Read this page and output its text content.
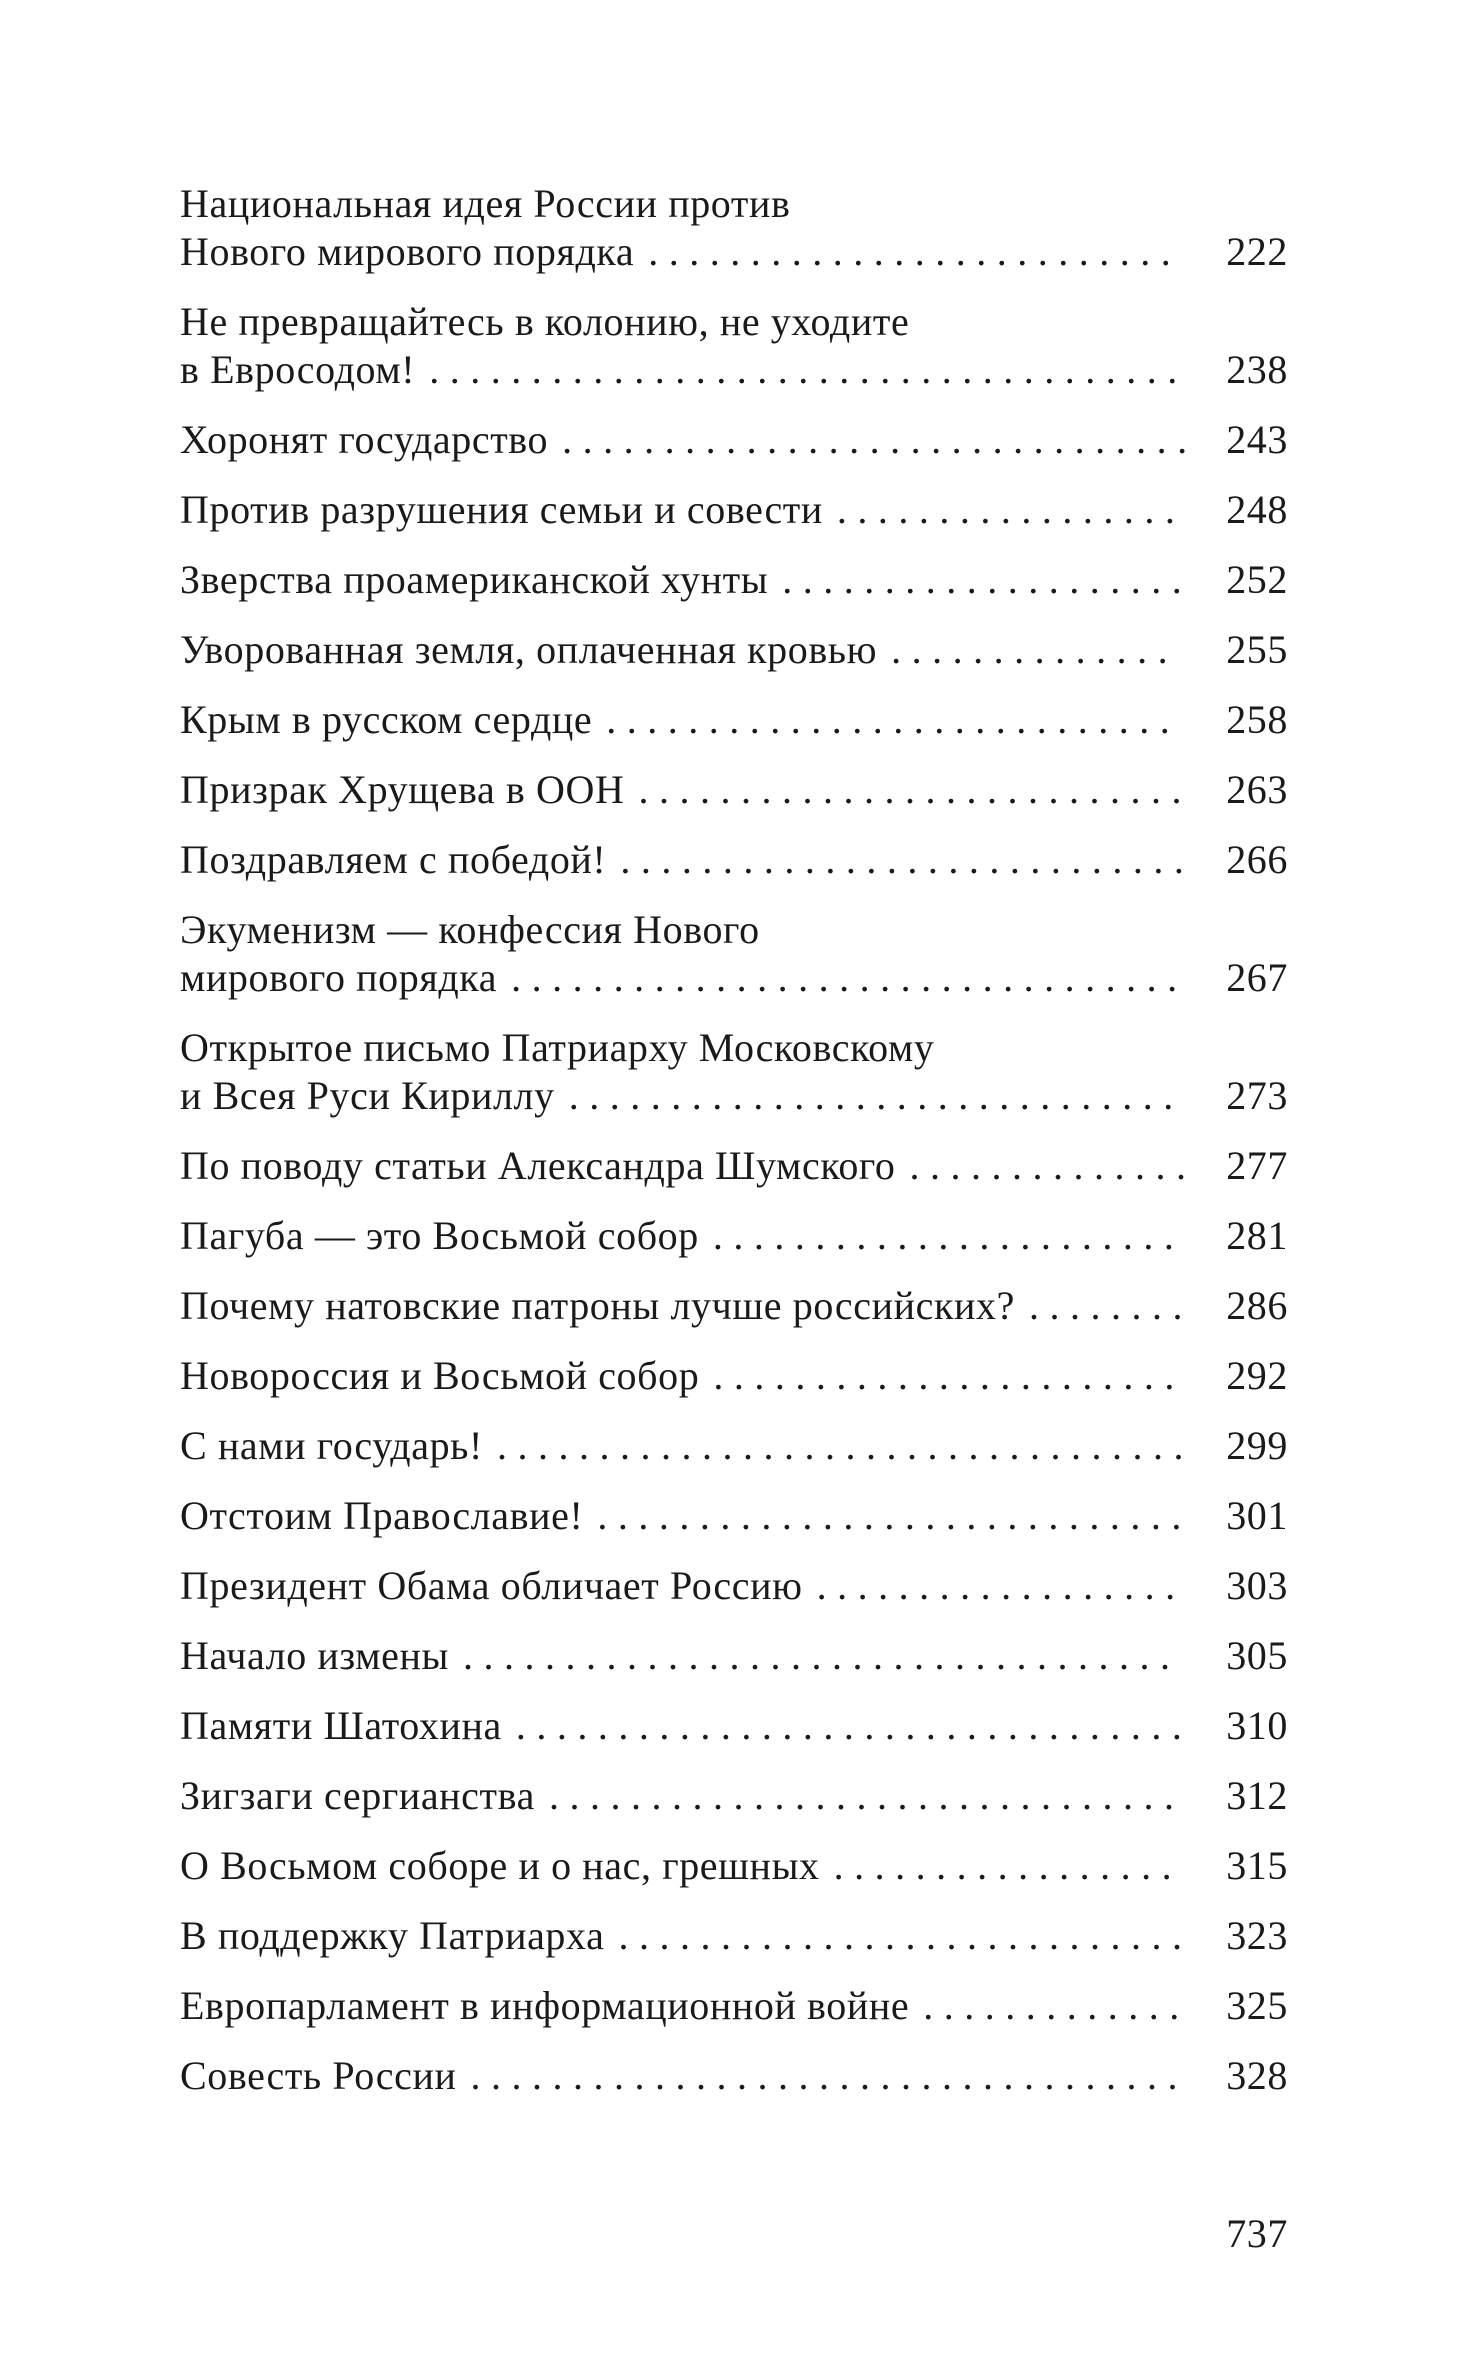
Национальная идея России против
Нового мирового порядка ..........................	222
Не превращайтесь в колонию, не уходите
в Евросодом! ..................................... 238
Хоронят государство ............................... 243
Против разрушения семьи и совести .................	248
Зверства проамериканской хунты .................... 252
Уворованная земля, оплаченная кровью ..............	255
Крым в русском сердце ............................	258
Призрак Хрущева в ООН ........................... 263
Поздравляем с победой! ............................ 266
Экуменизм — конфессия Нового
мирового порядка ................................. 267
Открытое письмо Патриарху Московскому
и Всея Руси Кириллу ..............................	273
По поводу статьи Александра Шумского .............. 277
Пагуба — это Восьмой собор .......................	281
Почему натовские патроны лучше российских? ........ 286
Новороссия и Восьмой собор .......................	292
С нами государь! .................................. 299
Отстоим Православие! ............................. 301
Президент Обама обличает Россию ..................	303
Начало измены ...................................	305
Памяти Шатохина ................................. 310
Зигзаги сергианства ...............................	312
О Восьмом соборе и о нас, грешных .................	315
В поддержку Патриарха ............................ 323
Европарламент в информационной войне ............. 325
Совесть России ................................... 328
737
